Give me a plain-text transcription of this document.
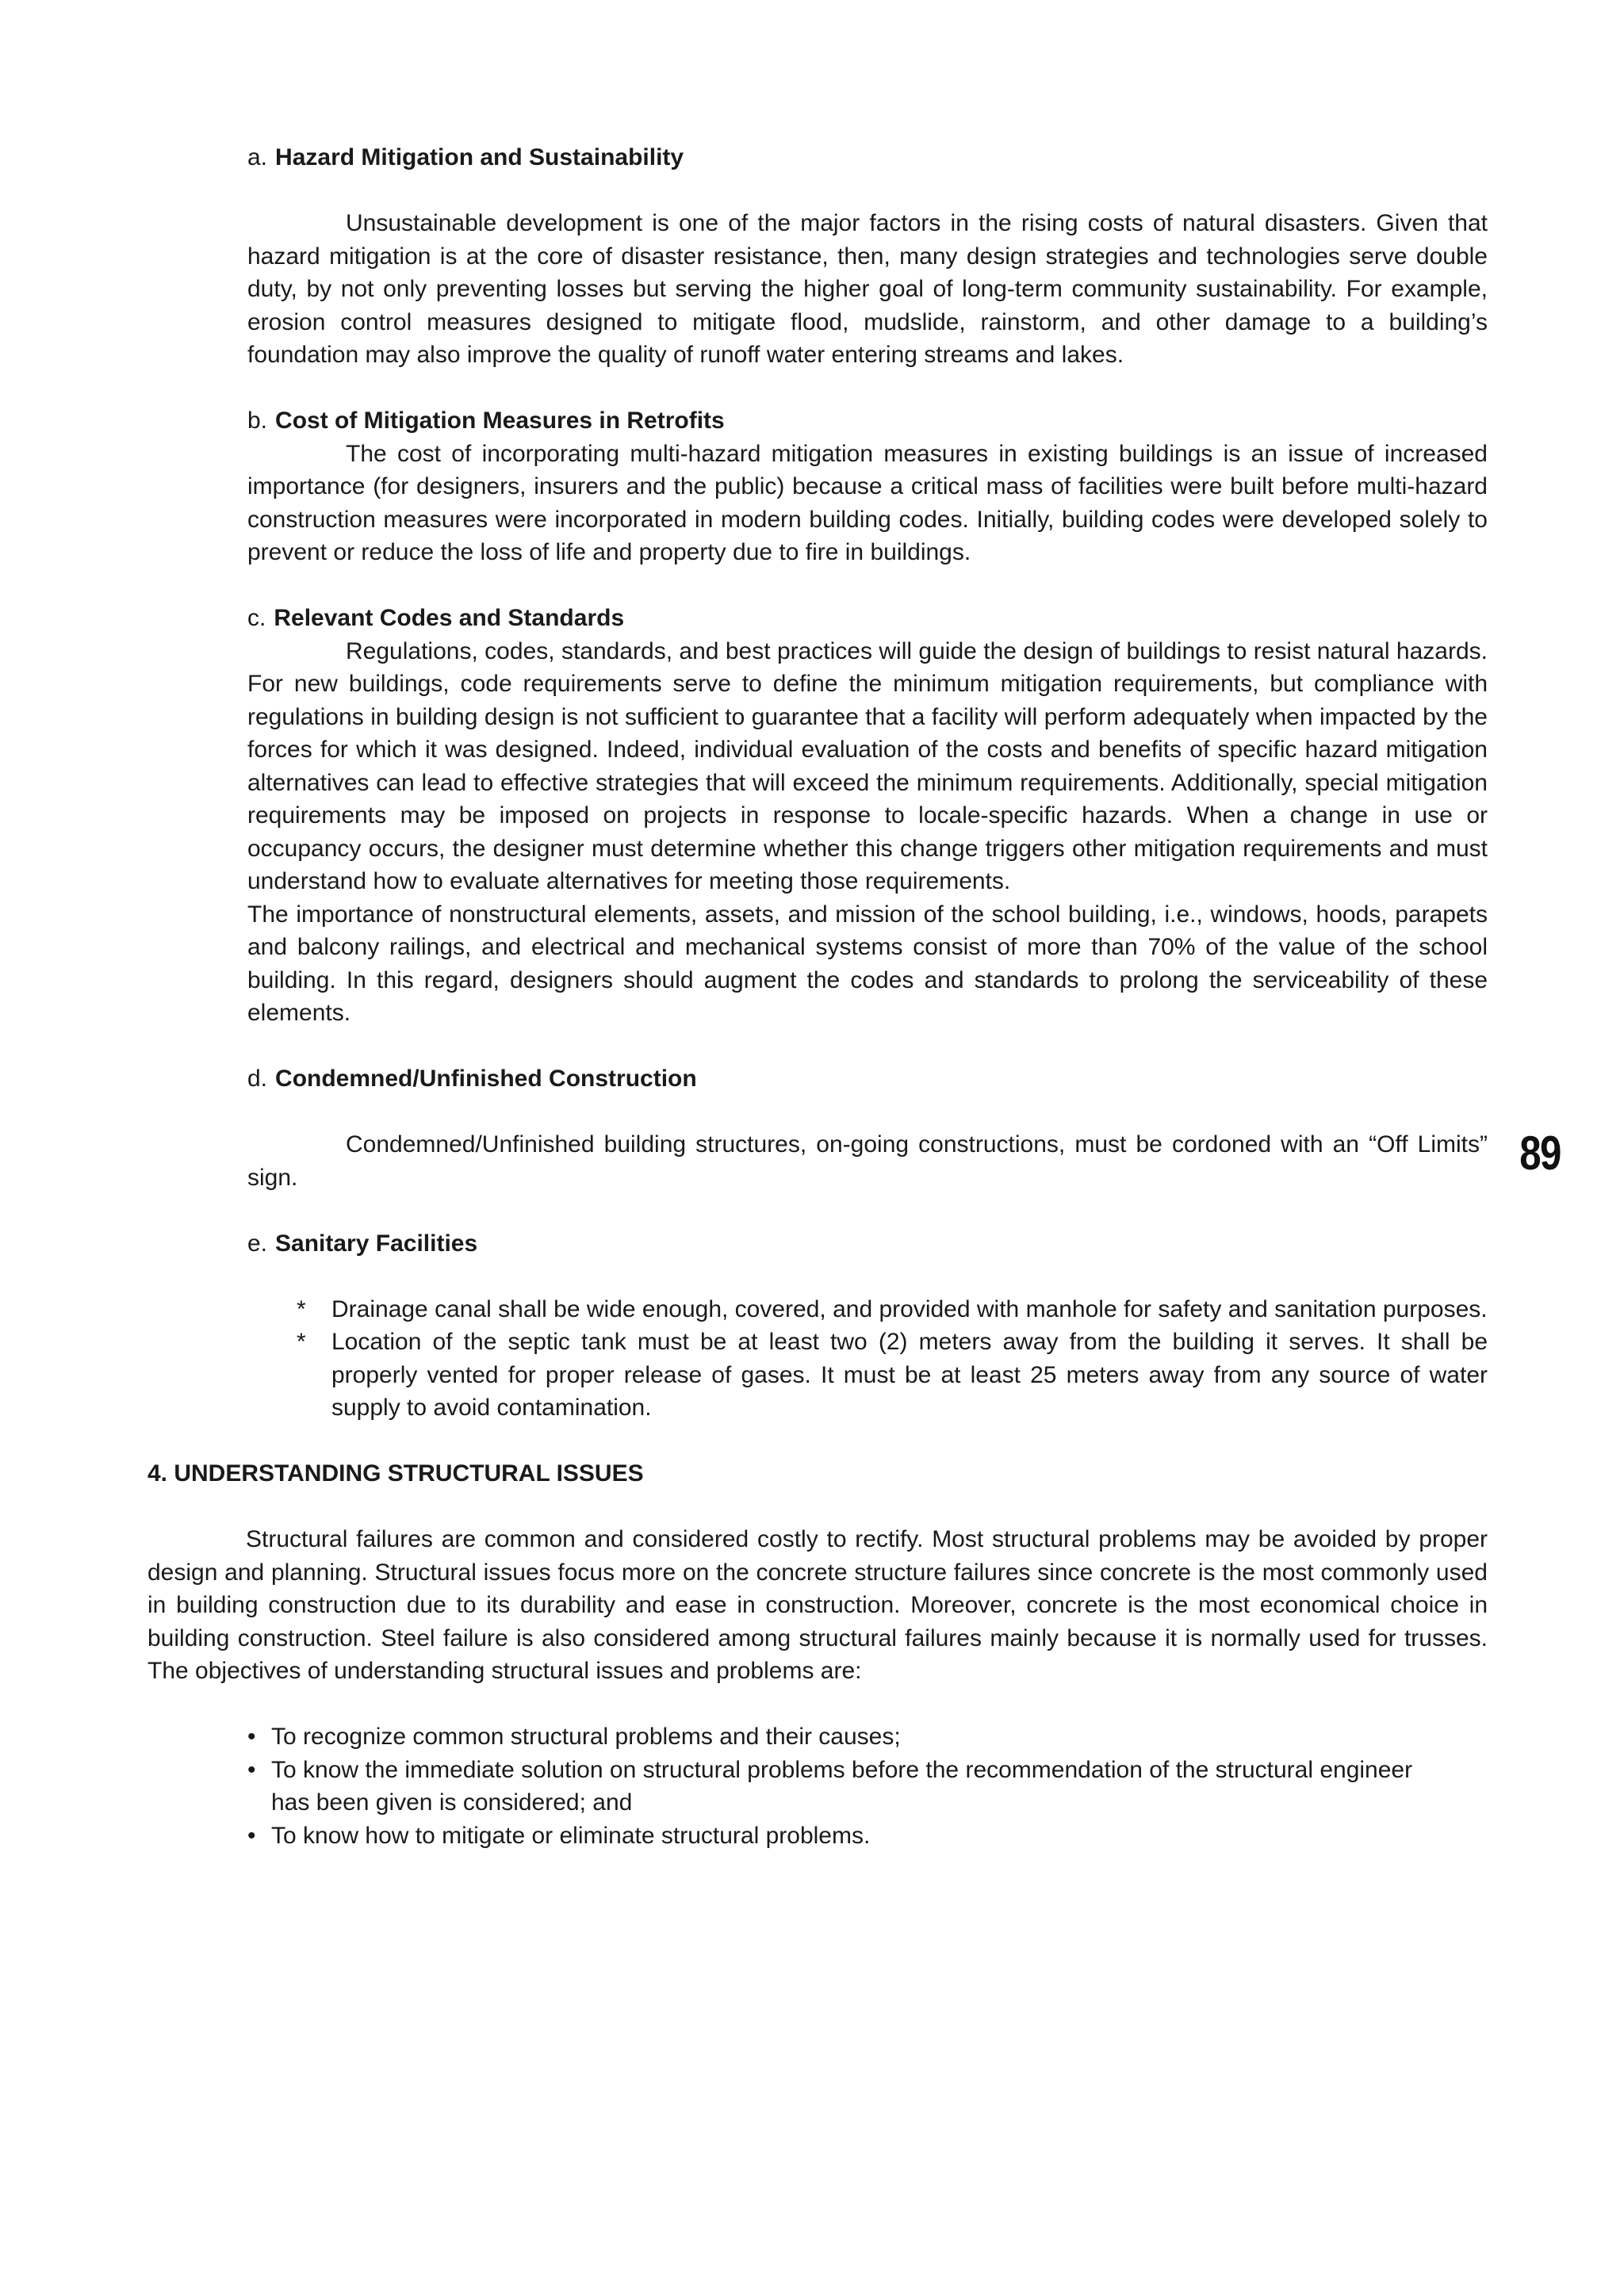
a. Hazard Mitigation and Sustainability

Unsustainable development is one of the major factors in the rising costs of natural disasters. Given that hazard mitigation is at the core of disaster resistance, then, many design strategies and technologies serve double duty, by not only preventing losses but serving the higher goal of long-term community sustainability. For example, erosion control measures designed to mitigate flood, mudslide, rainstorm, and other damage to a building’s foundation may also improve the quality of runoff water entering streams and lakes.

b. Cost of Mitigation Measures in Retrofits

The cost of incorporating multi-hazard mitigation measures in existing buildings is an issue of increased importance (for designers, insurers and the public) because a critical mass of facilities were built before multi-hazard construction measures were incorporated in modern building codes. Initially, building codes were developed solely to prevent or reduce the loss of life and property due to fire in buildings.

c. Relevant Codes and Standards

Regulations, codes, standards, and best practices will guide the design of buildings to resist natural hazards. For new buildings, code requirements serve to define the minimum mitigation requirements, but compliance with regulations in building design is not sufficient to guarantee that a facility will perform adequately when impacted by the forces for which it was designed. Indeed, individual evaluation of the costs and benefits of specific hazard mitigation alternatives can lead to effective strategies that will exceed the minimum requirements. Additionally, special mitigation requirements may be imposed on projects in response to locale-specific hazards. When a change in use or occupancy occurs, the designer must determine whether this change triggers other mitigation requirements and must understand how to evaluate alternatives for meeting those requirements.

The importance of nonstructural elements, assets, and mission of the school building, i.e., windows, hoods, parapets and balcony railings, and electrical and mechanical systems consist of more than 70% of the value of the school building. In this regard, designers should augment the codes and standards to prolong the serviceability of these elements.

d. Condemned/Unfinished Construction

Condemned/Unfinished building structures, on-going constructions, must be cordoned with an “Off Limits” sign.

e. Sanitary Facilities

* Drainage canal shall be wide enough, covered, and provided with manhole for safety and sanitation purposes.

* Location of the septic tank must be at least two (2) meters away from the building it serves. It shall be properly vented for proper release of gases. It must be at least 25 meters away from any source of water supply to avoid contamination.

4. UNDERSTANDING STRUCTURAL ISSUES

Structural failures are common and considered costly to rectify. Most structural problems may be avoided by proper design and planning. Structural issues focus more on the concrete structure failures since concrete is the most commonly used in building construction due to its durability and ease in construction. Moreover, concrete is the most economical choice in building construction. Steel failure is also considered among structural failures mainly because it is normally used for trusses. The objectives of understanding structural issues and problems are:

• To recognize common structural problems and their causes;
• To know the immediate solution on structural problems before the recommendation of the structural engineer has been given is considered; and
• To know how to mitigate or eliminate structural problems.
89
